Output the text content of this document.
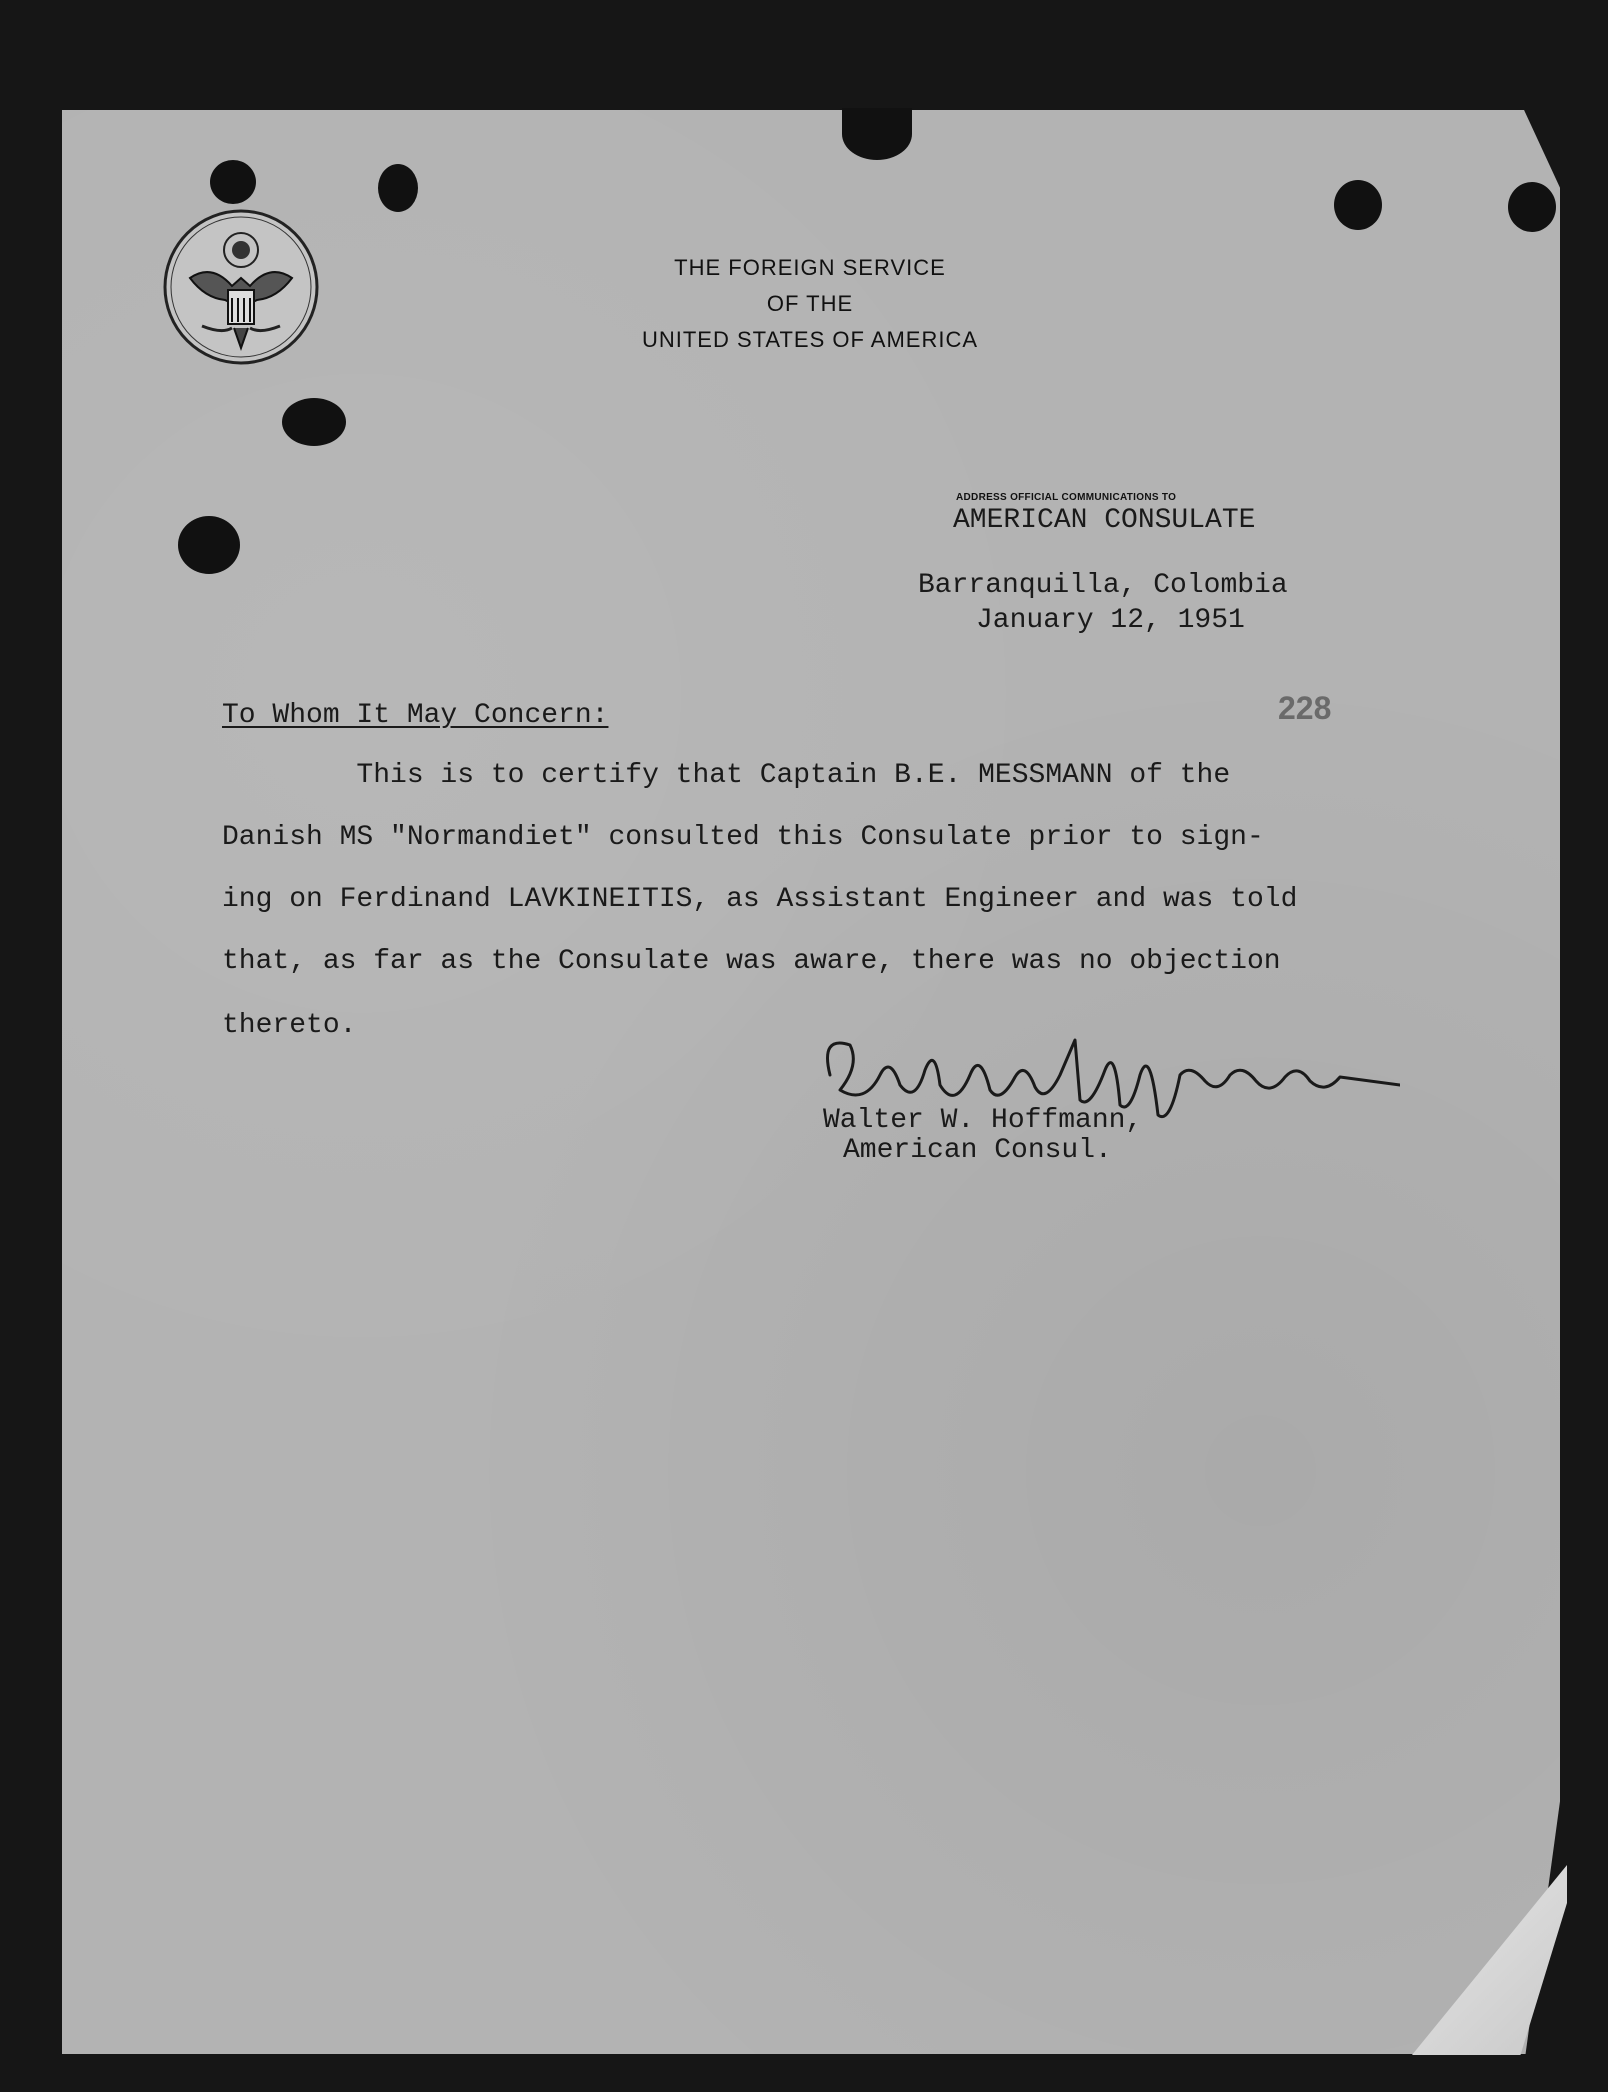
THE FOREIGN SERVICE
OF THE
UNITED STATES OF AMERICA
ADDRESS OFFICIAL COMMUNICATIONS TO
AMERICAN CONSULATE
Barranquilla, Colombia
January 12, 1951
228
To Whom It May Concern:
This is to certify that Captain B.E. MESSMANN of the
Danish MS "Normandiet" consulted this Consulate prior to sign-
ing on Ferdinand LAVKINEITIS, as Assistant Engineer and was told
that, as far as the Consulate was aware, there was no objection
thereto.
Walter W. Hoffmann,
American Consul.
